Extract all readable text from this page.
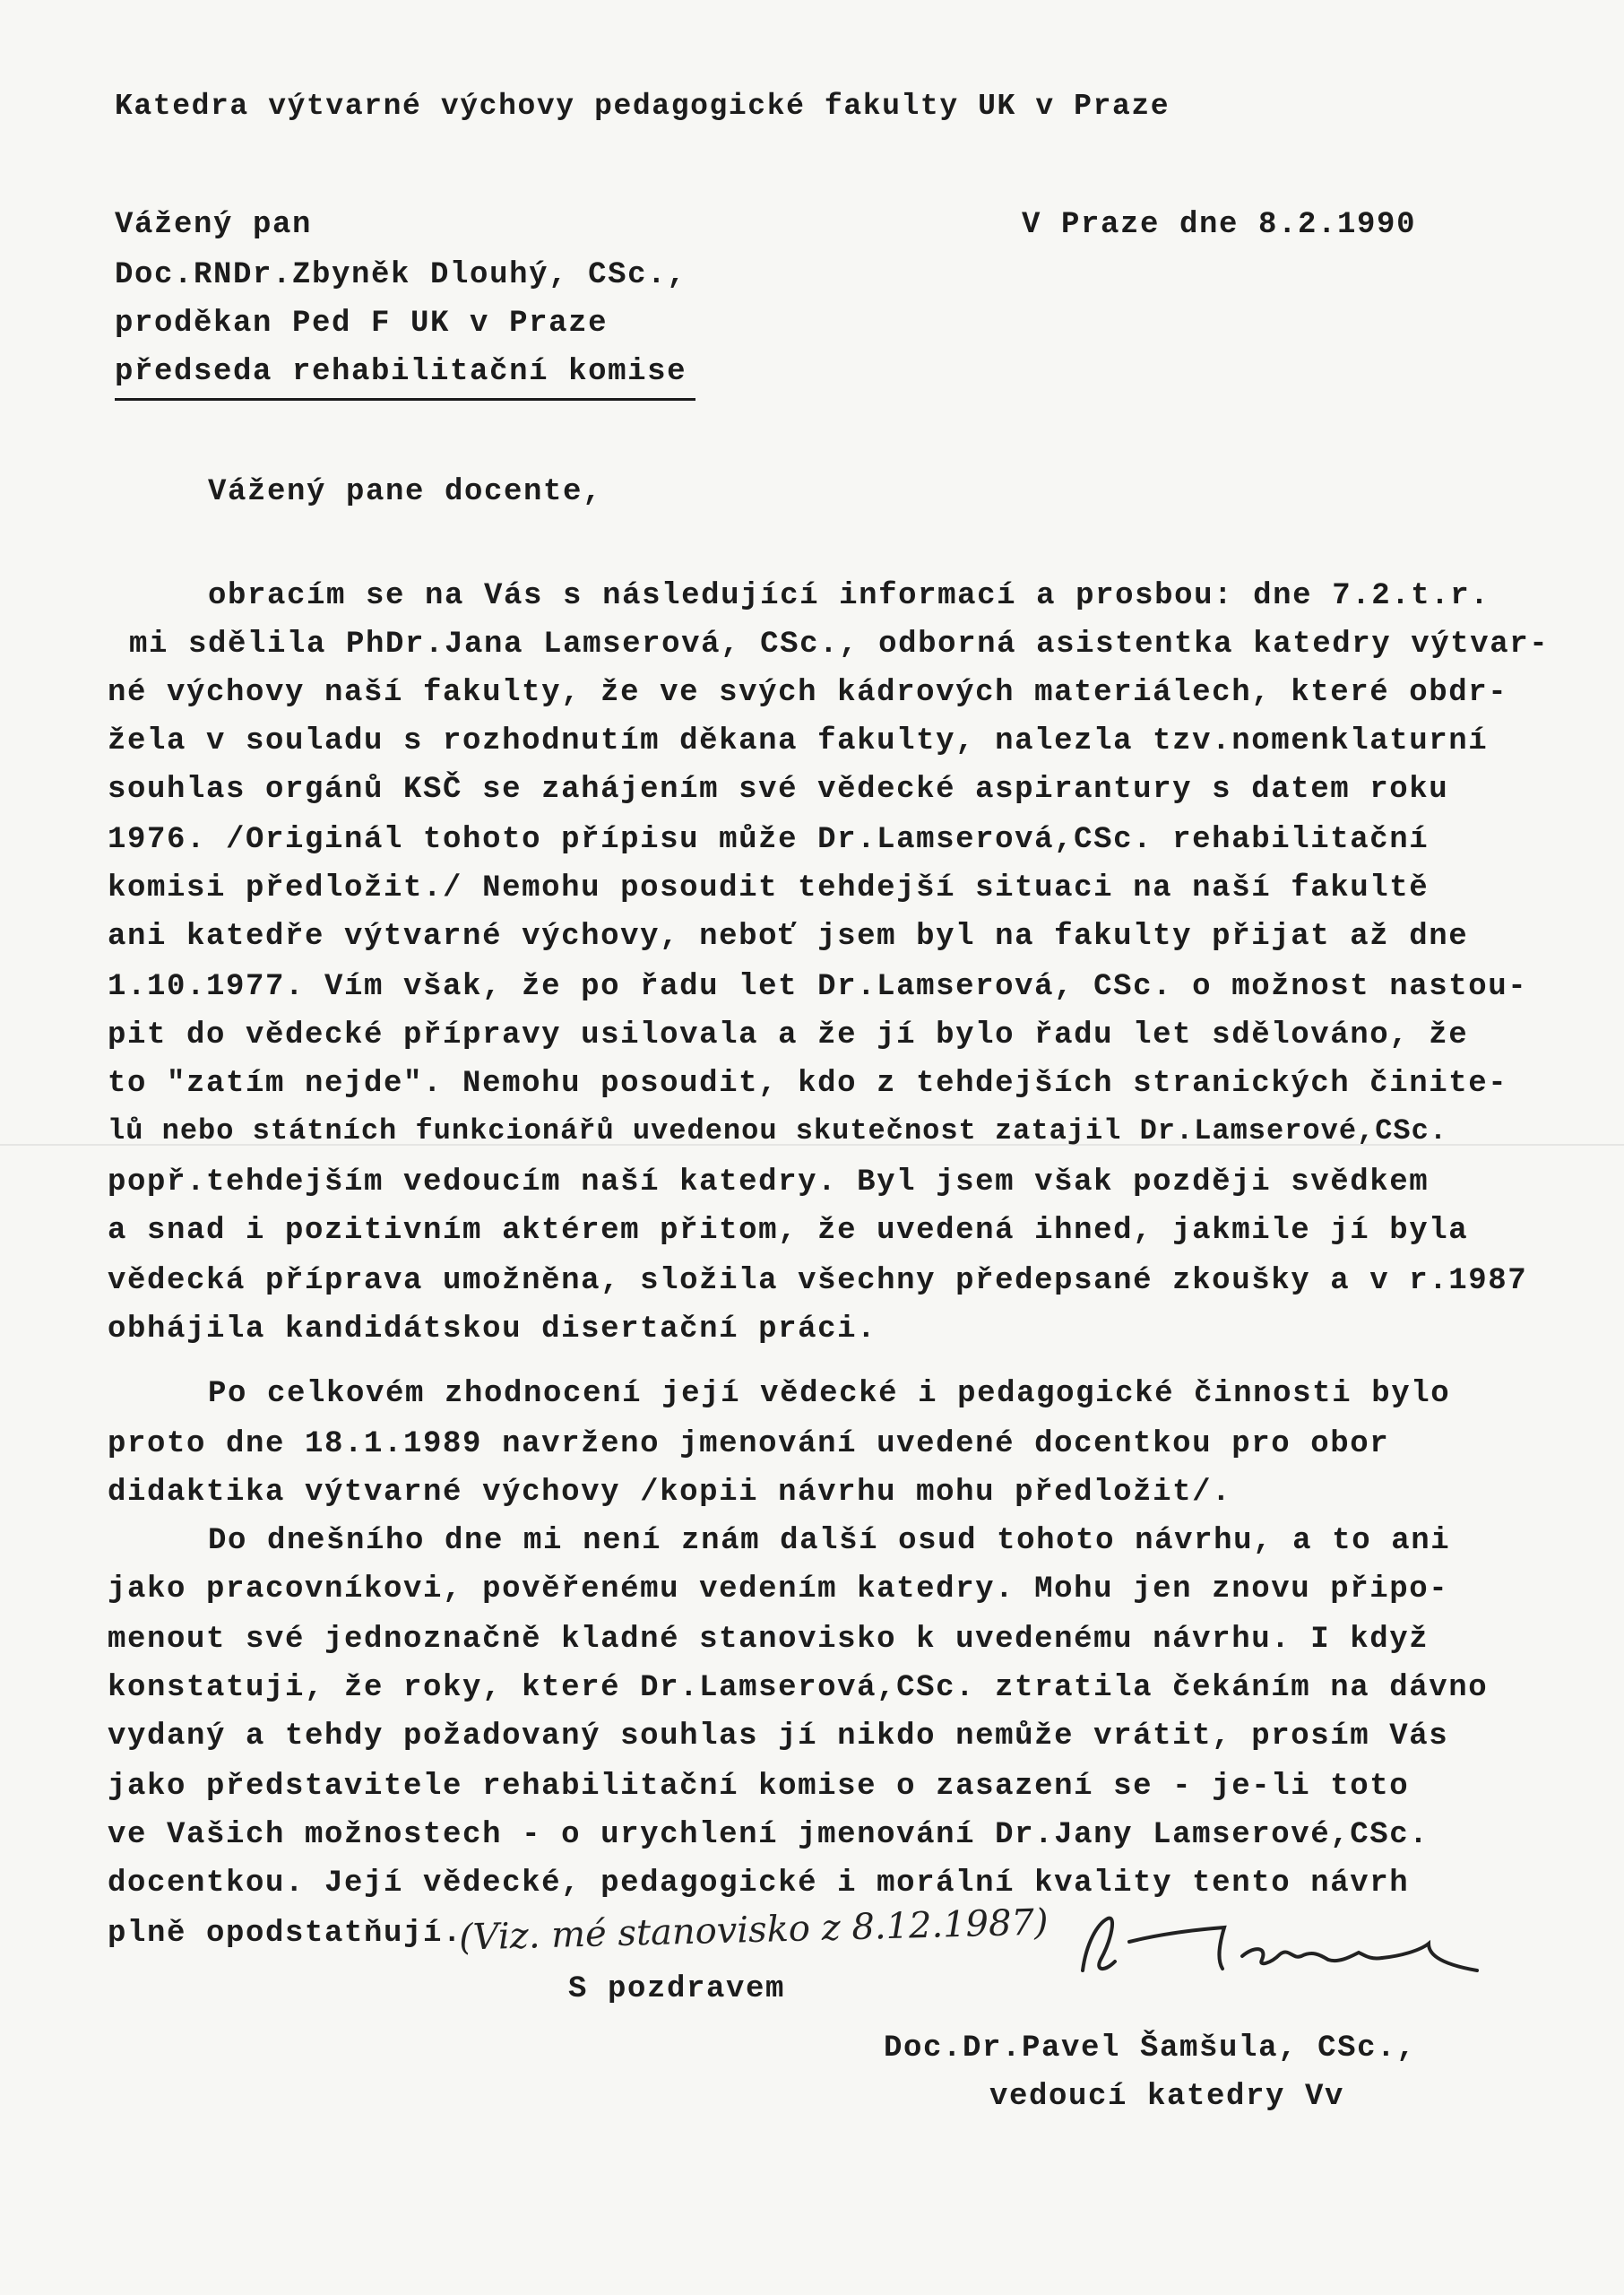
Katedra výtvarné výchovy pedagogické fakulty UK v Praze
Vážený pan	V Praze dne 8.2.1990
Doc.RNDr.Zbyněk Dlouhý, CSc.,
proděkan Ped F UK v Praze
předseda rehabilitační komise
Vážený pane docente,
obracím se na Vás s následující informací a prosbou: dne 7.2.t.r.
mi sdělila PhDr.Jana Lamserová, CSc., odborná asistentka katedry výtvar-
né výchovy naší fakulty, že ve svých kádrových materiálech, které obdr-
žela v souladu s rozhodnutím děkana fakulty, nalezla tzv.nomenklaturní
souhlas orgánů KSČ se zahájením své vědecké aspirantury s datem roku
1976. /Originál tohoto přípisu může Dr.Lamserová,CSc. rehabilitační
komisi předložit./ Nemohu posoudit tehdejší situaci na naší fakultě
ani katedře výtvarné výchovy, neboť jsem byl na fakulty přijat až dne
1.10.1977. Vím však, že po řadu let Dr.Lamserová, CSc. o možnost nastou-
pit do vědecké přípravy usilovala a že jí bylo řadu let sdělováno, že
to "zatím nejde". Nemohu posoudit, kdo z tehdejších stranických činite-
lů nebo státních funkcionářů uvedenou skutečnost zatajil Dr.Lamserové,CSc.
popř.tehdejším vedoucím naší katedry. Byl jsem však později svědkem
a snad i pozitivním aktérem přitom, že uvedená ihned, jakmile jí byla
vědecká příprava umožněna, složila všechny předepsané zkoušky a v r.1987
obhájila kandidátskou disertační práci.
Po celkovém zhodnocení její vědecké i pedagogické činnosti bylo
proto dne 18.1.1989 navrženo jmenování uvedené docentkou pro obor
didaktika výtvarné výchovy /kopii návrhu mohu předložit/.
Do dnešního dne mi není znám další osud tohoto návrhu, a to ani
jako pracovníkovi, pověřenému vedením katedry. Mohu jen znovu připo-
menout své jednoznačně kladné stanovisko k uvedenému návrhu. I když
konstatuji, že roky, které Dr.Lamserová,CSc. ztratila čekáním na dávno
vydaný a tehdy požadovaný souhlas jí nikdo nemůže vrátit, prosím Vás
jako představitele rehabilitační komise o zasazení se - je-li toto
ve Vašich možnostech - o urychlení jmenování Dr.Jany Lamserové,CSc.
docentkou. Její vědecké, pedagogické i morální kvality tento návrh
plně opodstatňují.
(Viz. mé stanovisko z 8.12.1987)
S pozdravem
Doc.Dr.Pavel Šamšula, CSc.,
vedoucí katedry Vv
